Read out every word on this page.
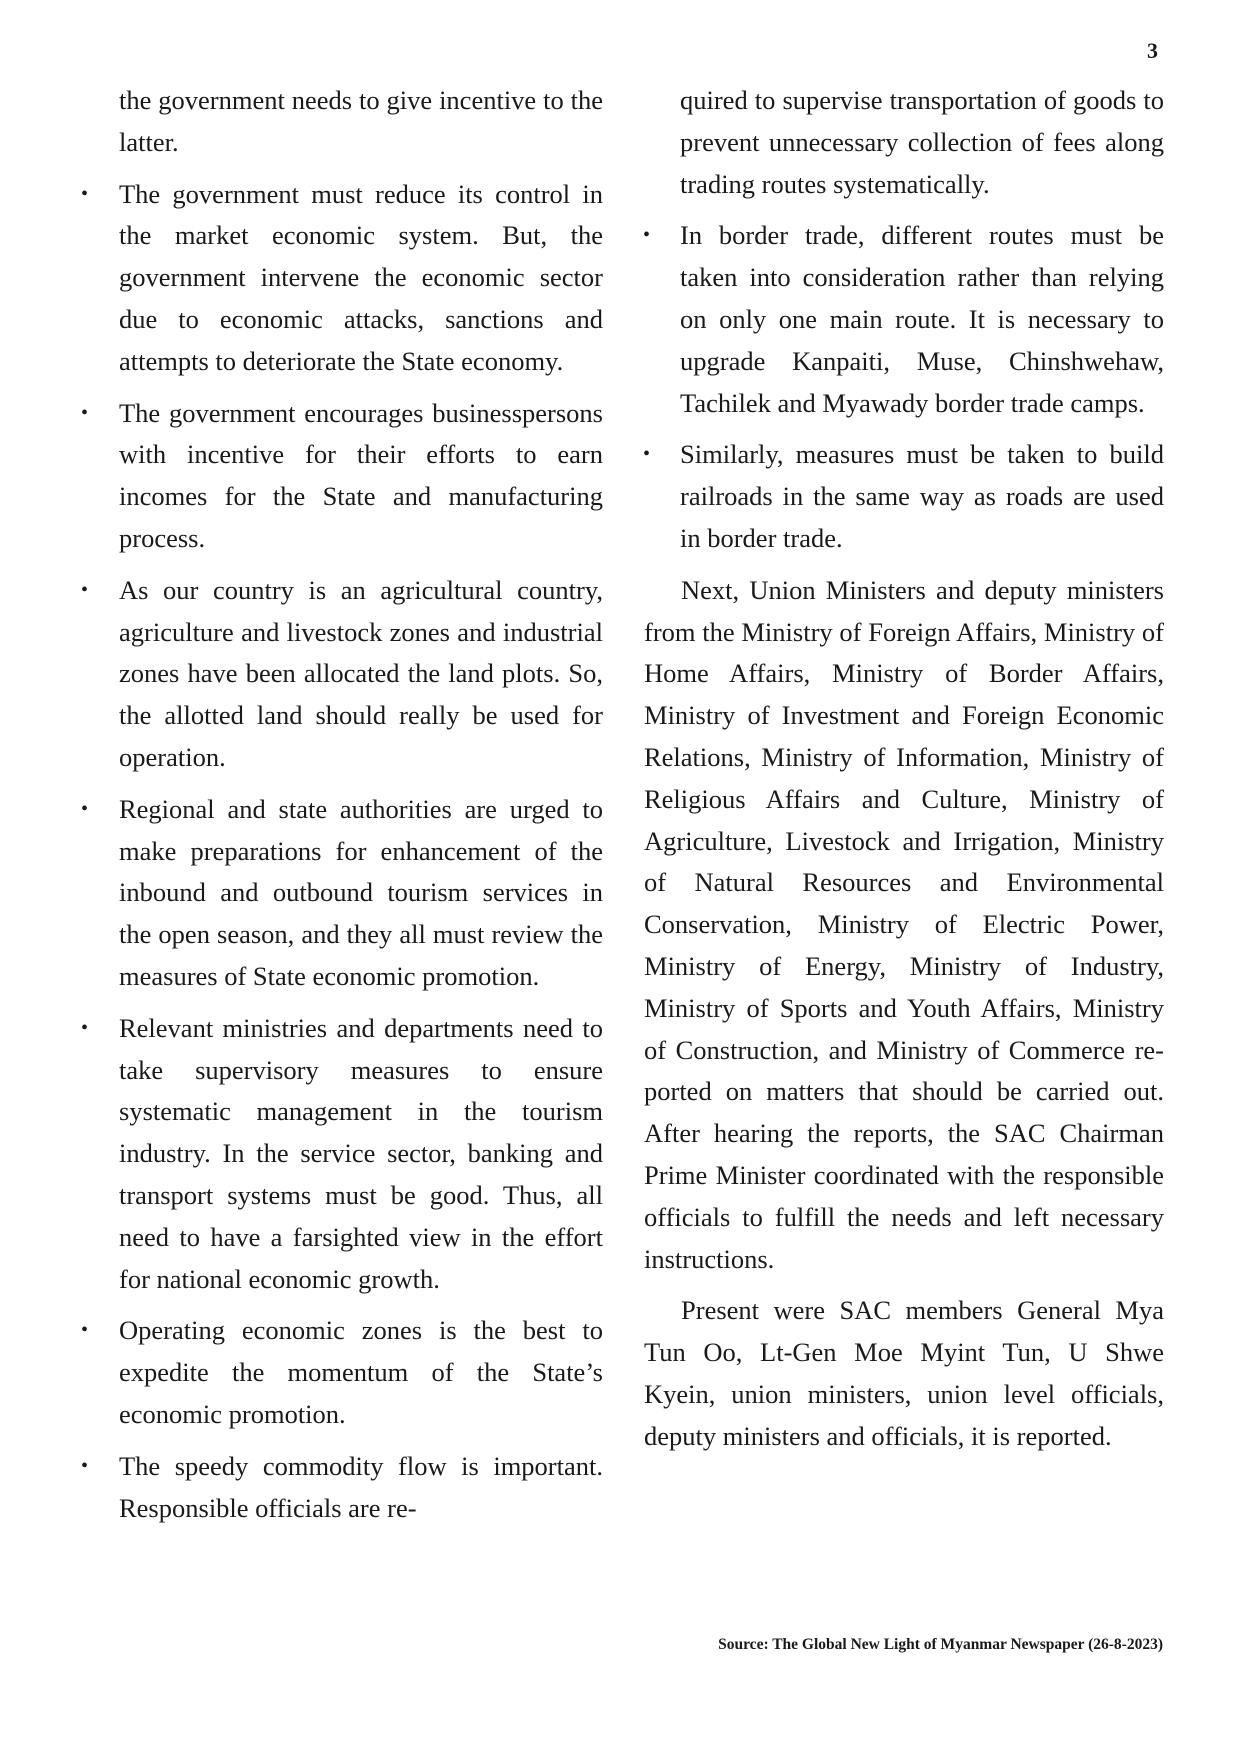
3

the government needs to give incentive to the latter.

• The government must reduce its control in the market economic system. But, the government intervene the economic sector due to economic attacks, sanctions and attempts to deteriorate the State economy.
• The government encourages businesspersons with incentive for their efforts to earn incomes for the State and manufacturing process.
• As our country is an agricultural country, agriculture and livestock zones and industrial zones have been allocated the land plots. So, the allotted land should really be used for operation.
• Regional and state authorities are urged to make preparations for enhancement of the inbound and outbound tourism services in the open season, and they all must review the measures of State economic promotion.
• Relevant ministries and departments need to take supervisory measures to ensure systematic management in the tourism industry. In the service sector, banking and transport systems must be good. Thus, all need to have a farsighted view in the effort for national economic growth.
• Operating economic zones is the best to expedite the momentum of the State’s economic promotion.
• The speedy commodity flow is important. Responsible officials are re-

quired to supervise transportation of goods to prevent unnecessary collection of fees along trading routes systematically.

• In border trade, different routes must be taken into consideration rather than relying on only one main route. It is necessary to upgrade Kanpaiti, Muse, Chinshwehaw, Tachilek and Myawady border trade camps.
• Similarly, measures must be taken to build railroads in the same way as roads are used in border trade.

Next, Union Ministers and deputy ministers from the Ministry of Foreign Affairs, Ministry of Home Affairs, Ministry of Border Affairs, Ministry of Investment and Foreign Economic Relations, Ministry of Information, Ministry of Religious Affairs and Culture, Ministry of Agriculture, Livestock and Irrigation, Ministry of Natural Resources and Environmental Conservation, Ministry of Electric Power, Ministry of Energy, Ministry of Industry, Ministry of Sports and Youth Affairs, Ministry of Construction, and Ministry of Commerce reported on matters that should be carried out. After hearing the reports, the SAC Chairman Prime Minister coordinated with the responsible officials to fulfill the needs and left necessary instructions.

Present were SAC members General Mya Tun Oo, Lt-Gen Moe Myint Tun, U Shwe Kyein, union ministers, union level officials, deputy ministers and officials, it is reported.

Source: The Global New Light of Myanmar Newspaper (26-8-2023)
